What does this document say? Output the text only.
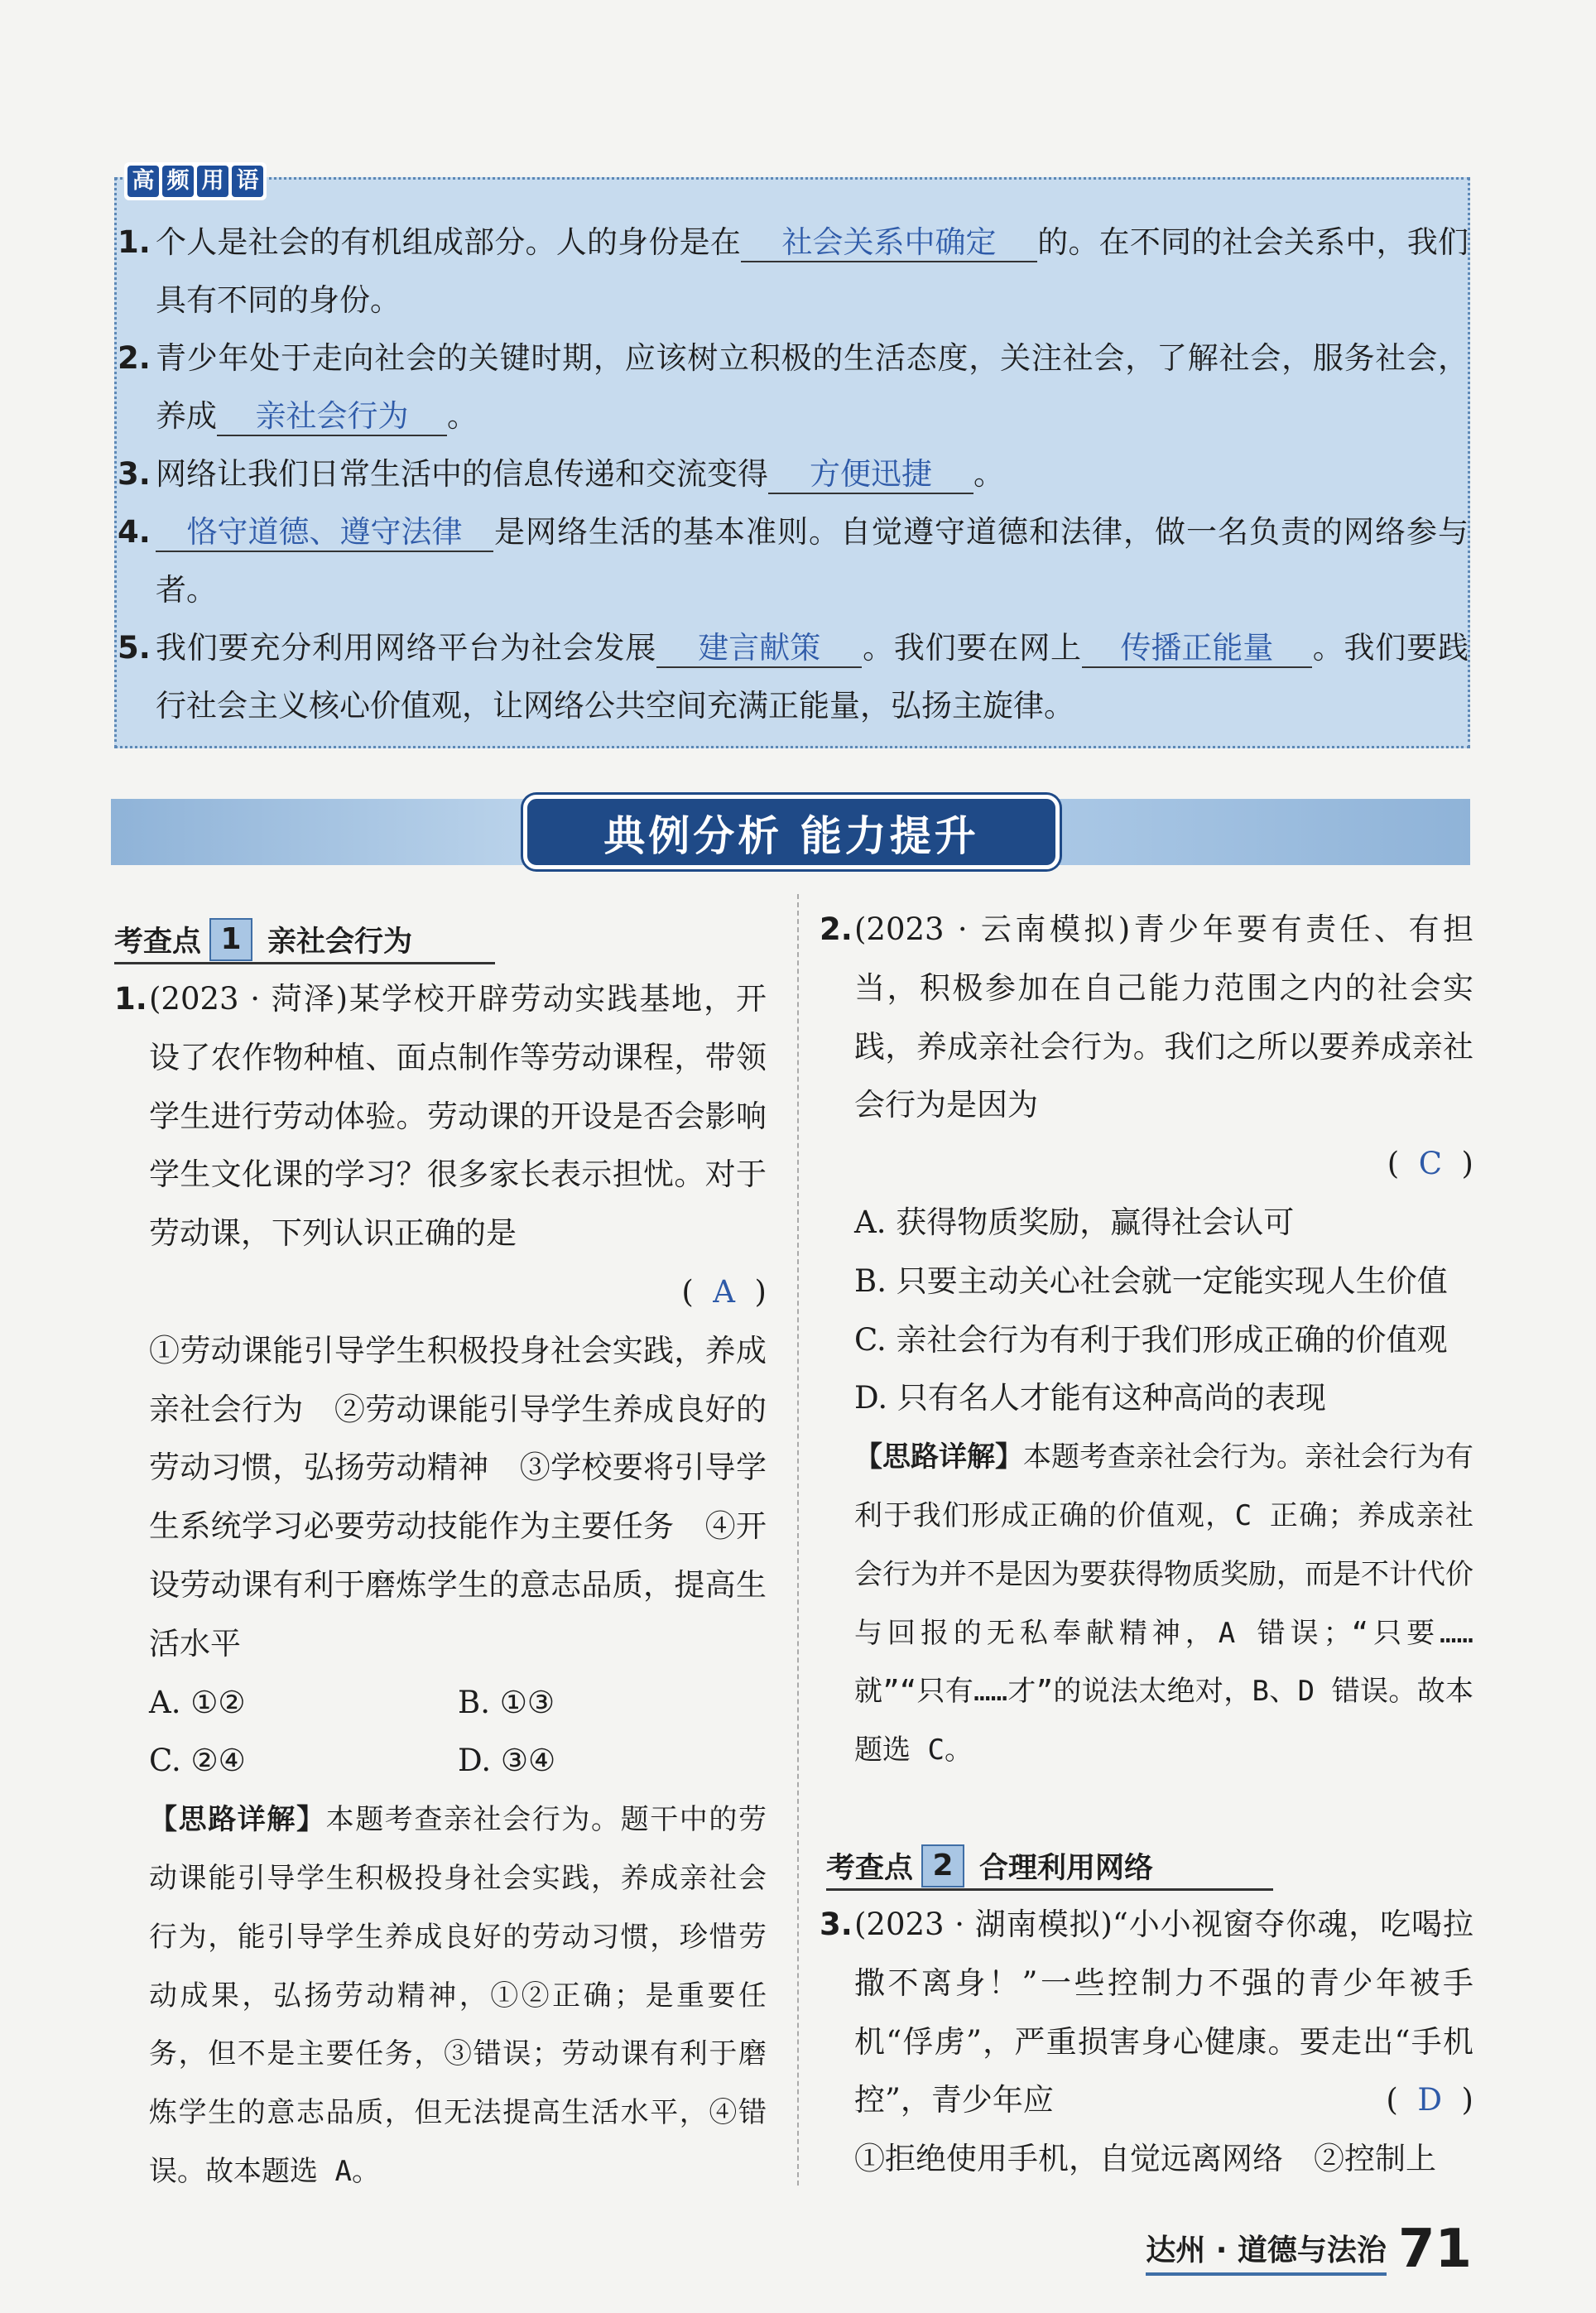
高 频 用 语
1. 个人是社会的有机组成部分。人的身份是在 社会关系中确定 的。在不同的社会关系中，我们具有不同的身份。
2. 青少年处于走向社会的关键时期，应该树立积极的生活态度，关注社会，了解社会，服务社会，养成 亲社会行为 。
3. 网络让我们日常生活中的信息传递和交流变得 方便迅捷 。
4.	恪守道德、遵守法律 是网络生活的基本准则。自觉遵守道德和法律，做一名负责的网络参与者。
5. 我们要充分利用网络平台为社会发展 建言献策 。我们要在网上 传播正能量 。我们要践行社会主义核心价值观，让网络公共空间充满正能量，弘扬主旋律。
典例分析 能力提升
考查点 1 亲社会行为
1. (2023 · 菏泽)某学校开辟劳动实践基地，开设了农作物种植、面点制作等劳动课程，带领学生进行劳动体验。劳动课的开设是否会影响学生文化课的学习？很多家长表示担忧。对于劳动课，下列认识正确的是
(  A  )
①劳动课能引导学生积极投身社会实践，养成亲社会行为　②劳动课能引导学生养成良好的劳动习惯，弘扬劳动精神　③学校要将引导学生系统学习必要劳动技能作为主要任务　④开设劳动课有利于磨炼学生的意志品质，提高生活水平
A. ①②	B. ①③
C. ②④	D. ③④
【思路详解】本题考查亲社会行为。题干中的劳动课能引导学生积极投身社会实践，养成亲社会行为，能引导学生养成良好的劳动习惯，珍惜劳动成果，弘扬劳动精神，①②正确；是重要任务，但不是主要任务，③错误；劳动课有利于磨炼学生的意志品质，但无法提高生活水平，④错误。故本题选 A。
2. (2023 · 云南模拟)青少年要有责任、有担当，积极参加在自己能力范围之内的社会实践，养成亲社会行为。我们之所以要养成亲社会行为是因为
(  C  )
A. 获得物质奖励，赢得社会认可
B. 只要主动关心社会就一定能实现人生价值
C. 亲社会行为有利于我们形成正确的价值观
D. 只有名人才能有这种高尚的表现
【思路详解】本题考查亲社会行为。亲社会行为有利于我们形成正确的价值观，C 正确；养成亲社会行为并不是因为要获得物质奖励，而是不计代价与回报的无私奉献精神，A 错误；“只要……就”“只有……才”的说法太绝对，B、D 错误。故本题选 C。
考查点 2 合理利用网络
3. (2023 · 湖南模拟)“小小视窗夺你魂，吃喝拉撒不离身！”一些控制力不强的青少年被手机“俘虏”，严重损害身心健康。要走出“手机控”，青少年应	(  D  )
①拒绝使用手机，自觉远离网络　②控制上
达州 · 道德与法治 71
